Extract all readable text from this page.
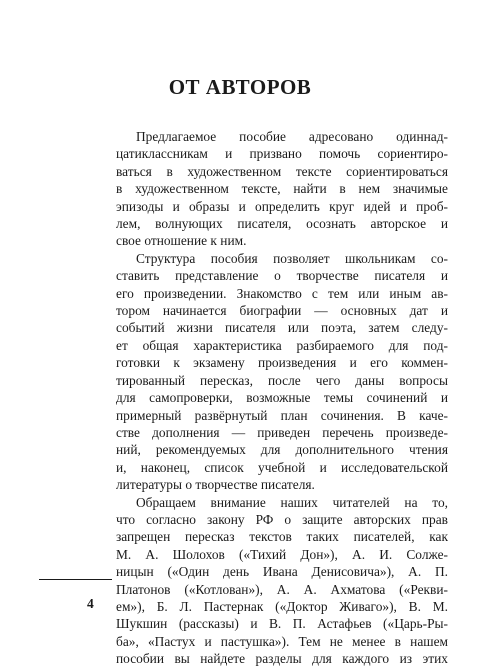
ОТ АВТОРОВ

Предлагаемое пособие адресовано одиннад-
цатиклассникам и призвано помочь сориентиро-
ваться в художественном тексте сориентироваться
в художественном тексте, найти в нем значимые
эпизоды и образы и определить круг идей и проб-
лем, волнующих писателя, осознать авторское и
свое отношение к ним.

Структура пособия позволяет школьникам со-
ставить представление о творчестве писателя и
его произведении. Знакомство с тем или иным ав-
тором начинается биографии — основных дат и
событий жизни писателя или поэта, затем следу-
ет общая характеристика разбираемого для под-
готовки к экзамену произведения и его коммен-
тированный пересказ, после чего даны вопросы
для самопроверки, возможные темы сочинений и
примерный развёрнутый план сочинения. В каче-
стве дополнения — приведен перечень произведе-
ний, рекомендуемых для дополнительного чтения
и, наконец, список учебной и исследовательской
литературы о творчестве писателя.

Обращаем внимание наших читателей на то,
что согласно закону РФ о защите авторских прав
запрещен пересказ текстов таких писателей, как
М. А. Шолохов («Тихий Дон»), А. И. Солже-
ницын («Один день Ивана Денисовича»), А. П.
Платонов («Котлован»), А. А. Ахматова («Рекви-
ем»), Б. Л. Пастернак («Доктор Живаго»), В. М.
Шукшин (рассказы) и В. П. Астафьев («Царь-Ры-
ба», «Пастух и пастушка»). Тем не менее в нашем
пособии вы найдете разделы для каждого из этих

4
